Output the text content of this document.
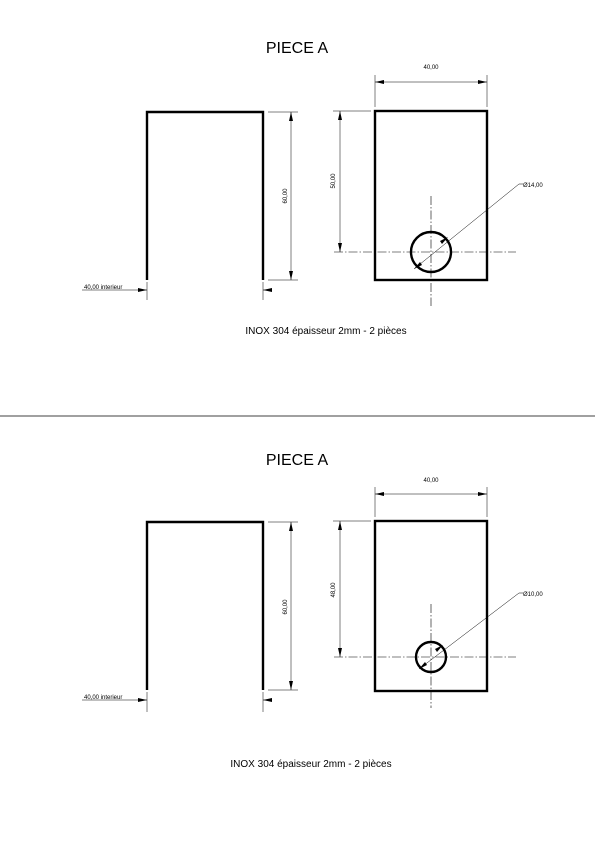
PIECE A
60,00
40,00 interieur
40,00
50,00	Ø14,00
INOX 304 épaisseur 2mm - 2 pièces
PIECE A
60,00
40,00 interieur
40,00
48,00	Ø10,00
INOX 304 épaisseur 2mm - 2 pièces
